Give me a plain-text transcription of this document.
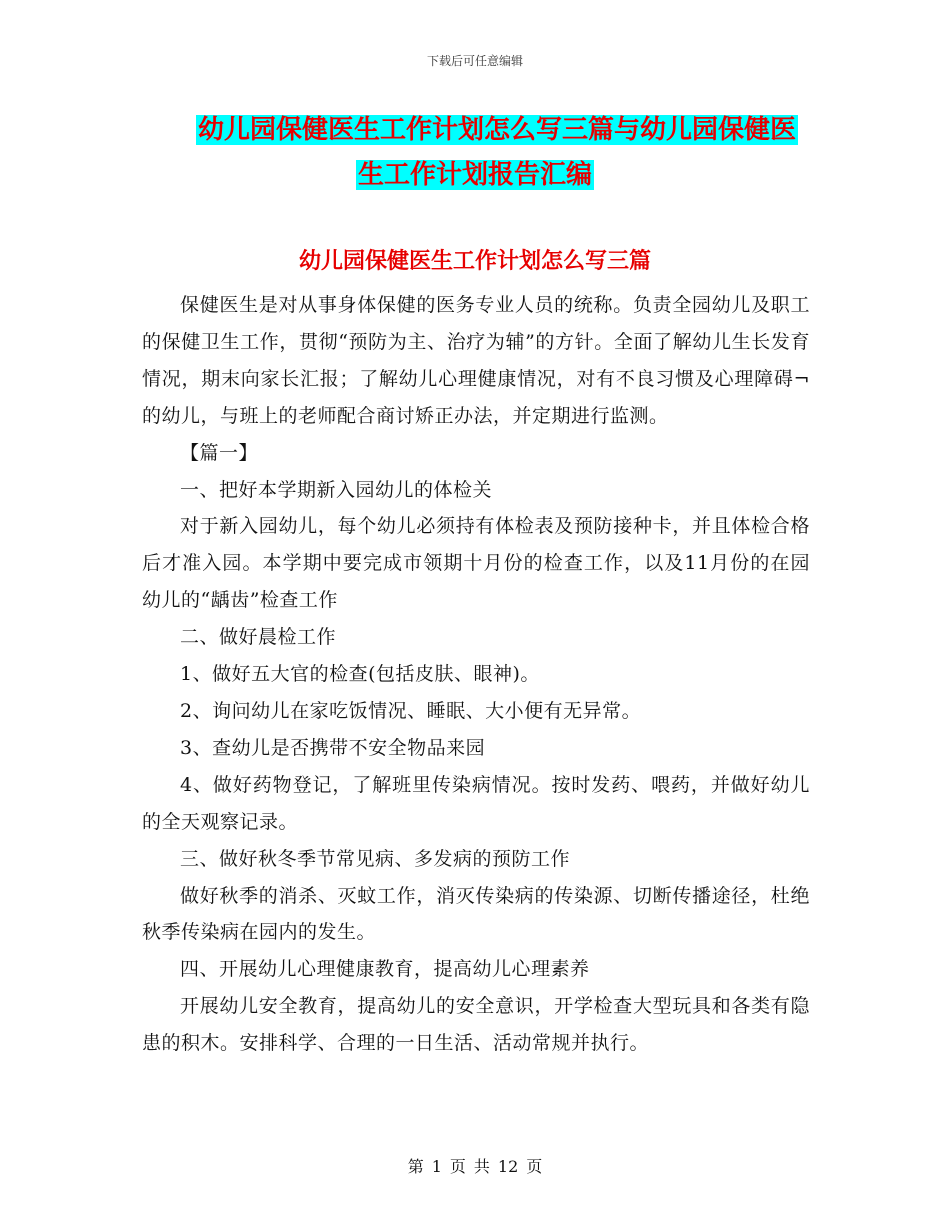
下载后可任意编辑
幼儿园保健医生工作计划怎么写三篇与幼儿园保健医
生工作计划报告汇编
幼儿园保健医生工作计划怎么写三篇

保健医生是对从事身体保健的医务专业人员的统称。负责全园幼儿及职工的保健卫生工作，贯彻“预防为主、治疗为辅”的方针。全面了解幼儿生长发育情况，期末向家长汇报；了解幼儿心理健康情况，对有不良习惯及心理障碍¬的幼儿，与班上的老师配合商讨矫正办法，并定期进行监测。

【篇一】

一、把好本学期新入园幼儿的体检关

对于新入园幼儿，每个幼儿必须持有体检表及预防接种卡，并且体检合格后才准入园。本学期中要完成市领期十月份的检查工作，以及11月份的在园幼儿的“龋齿”检查工作

二、做好晨检工作

1、做好五大官的检查(包括皮肤、眼神)。

2、询问幼儿在家吃饭情况、睡眠、大小便有无异常。

3、查幼儿是否携带不安全物品来园

4、做好药物登记，了解班里传染病情况。按时发药、喂药，并做好幼儿的全天观察记录。

三、做好秋冬季节常见病、多发病的预防工作

做好秋季的消杀、灭蚊工作，消灭传染病的传染源、切断传播途径，杜绝秋季传染病在园内的发生。

四、开展幼儿心理健康教育，提高幼儿心理素养

开展幼儿安全教育，提高幼儿的安全意识，开学检查大型玩具和各类有隐患的积木。安排科学、合理的一日生活、活动常规并执行。

第 1 页 共 12 页
